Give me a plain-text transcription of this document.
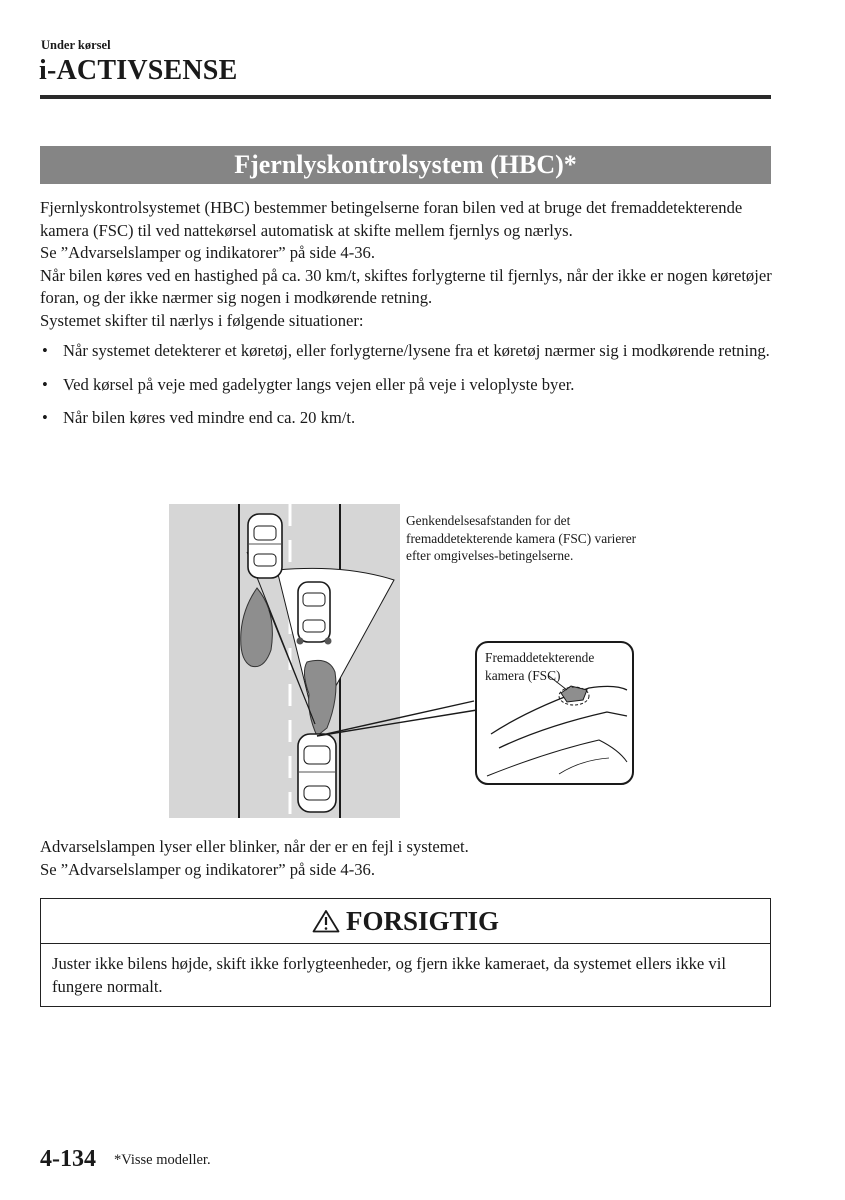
Under kørsel
i-ACTIVSENSE
Fjernlyskontrolsystem (HBC)*

Fjernlyskontrolsystemet (HBC) bestemmer betingelserne foran bilen ved at bruge det fremaddetekterende kamera (FSC) til ved nattekørsel automatisk at skifte mellem fjernlys og nærlys.

Se ”Advarselslamper og indikatorer” på side 4-36.

Når bilen køres ved en hastighed på ca. 30 km/t, skiftes forlygterne til fjernlys, når der ikke er nogen køretøjer foran, og der ikke nærmer sig nogen i modkørende retning.

Systemet skifter til nærlys i følgende situationer:

• Når systemet detekterer et køretøj, eller forlygterne/lysene fra et køretøj nærmer sig i modkørende retning.
• Ved kørsel på veje med gadelygter langs vejen eller på veje i veloplyste byer.
• Når bilen køres ved mindre end ca. 20 km/t.
Genkendelsesafstanden for det fremaddetekterende kamera (FSC) varierer efter omgivelses-betingelserne.
Fremaddetekterende kamera (FSC)

Advarselslampen lyser eller blinker, når der er en fejl i systemet.

Se ”Advarselslamper og indikatorer” på side 4-36.

FORSIGTIG
Juster ikke bilens højde, skift ikke forlygteenheder, og fjern ikke kameraet, da systemet ellers ikke vil fungere normalt.
4-134 *Visse modeller.
